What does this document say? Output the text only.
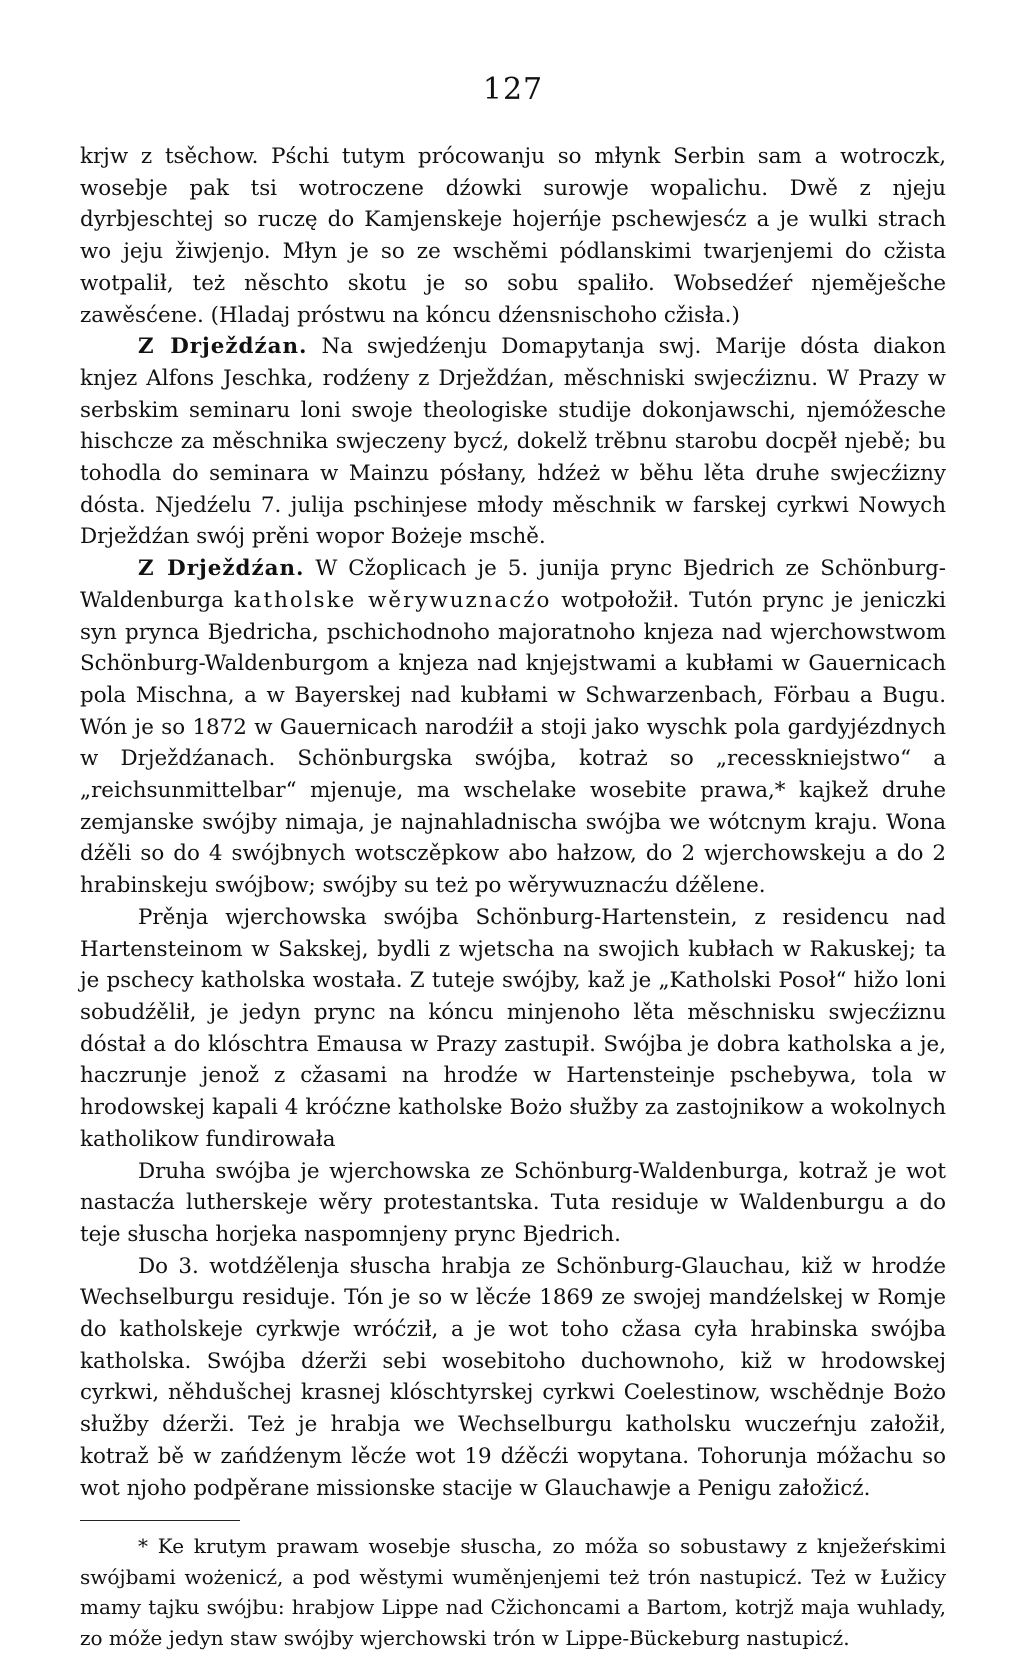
127

krjw z tsěchow. Pśchi tutym prócowanju so młynk Serbin sam a wotroczk, wosebje pak tsi wotroczene dźowki surowje wopalichu. Dwě z njeju dyrbjeschtej so ruczę do Kamjenskeje hojerńje pschewjesćz a je wulki strach wo jeju žiwjenjo. Młyn je so ze wschěmi pódlanskimi twarjenjemi do cžista wotpalił, też něschto skotu je so sobu spaliło. Wobsedźeŕ njeměješche zawěsćene. (Hladaj próstwu na kóncu dźensnischoho cžisła.)

Z Drježdźan. Na swjedźenju Domapytanja swj. Marije dósta diakon knjez Alfons Jeschka, rodźeny z Drježdźan, měschniski swjecźiznu. W Prazy w serbskim seminaru loni swoje theologiske studije dokonjawschi, njemóžesche hischcze za měschnika swjeczeny bycź, dokelž trěbnu starobu docpěł njebě; bu tohodla do seminara w Mainzu pósłany, hdźeż w běhu lěta druhe swjecźizny dósta. Njedźelu 7. julija pschinjese młody měschnik w farskej cyrkwi Nowych Drježdźan swój prěni wopor Bożeje mschě.

Z Drježdźan. W Cžoplicach je 5. junija prync Bjedrich ze Schönburg-Waldenburga katholske wěrywuznacźo wotpołožił. Tutón prync je jeniczki syn prynca Bjedricha, pschichodnoho majoratnoho knjeza nad wjerchowstwom Schönburg-Waldenburgom a knjeza nad knjejstwami a kubłami w Gauernicach pola Mischna, a w Bayerskej nad kubłami w Schwarzenbach, Förbau a Bugu. Wón je so 1872 w Gauernicach narodźił a stoji jako wyschk pola gardyjézdnych w Drježdźanach. Schönburgska swójba, kotraż so „recesskniejstwo“ a „reichsunmittelbar“ mjenuje, ma wschelake wosebite prawa,* kajkež druhe zemjanske swójby nimaja, je najnahladnischa swójba we wótcnym kraju. Wona dźěli so do 4 swójbnych wotsczěpkow abo hałzow, do 2 wjerchowskeju a do 2 hrabinskeju swójbow; swójby su też po wěrywuznacźu dźělene.

Prěnja wjerchowska swójba Schönburg-Hartenstein, z residencu nad Hartensteinom w Sakskej, bydli z wjetscha na swojich kubłach w Rakuskej; ta je pschecy katholska wostała. Z tuteje swójby, kaž je „Katholski Posoł“ hižo loni sobudźělił, je jedyn prync na kóncu minjenoho lěta měschnisku swjecźiznu dóstał a do klóschtra Emausa w Prazy zastupił. Swójba je dobra katholska a je, haczrunje jenož z cžasami na hrodźe w Hartensteinje pschebywa, tola w hrodowskej kapali 4 króćzne katholske Bożo słužby za zastojnikow a wokolnych katholikow fundirowała

Druha swójba je wjerchowska ze Schönburg-Waldenburga, kotraž je wot nastacźa lutherskeje wěry protestantska. Tuta residuje w Waldenburgu a do teje słuscha horjeka naspomnjeny prync Bjedrich.

Do 3. wotdźělenja słuscha hrabja ze Schönburg-Glauchau, kiž w hrodźe Wechselburgu residuje. Tón je so w lěcźe 1869 ze swojej mandźelskej w Romje do katholskeje cyrkwje wróćził, a je wot toho cžasa cyła hrabinska swójba katholska. Swójba dźerži sebi wosebitoho duchownoho, kiž w hrodowskej cyrkwi, něhdušchej krasnej klóschtyrskej cyrkwi Coelestinow, wschědnje Bożo słužby dźerži. Też je hrabja we Wechselburgu katholsku wuczeŕnju załožił, kotraž bě w zańdźenym lěcźe wot 19 dźěcźi wopytana. Tohorunja móžachu so wot njoho podpěrane missionske stacije w Glauchawje a Penigu załožicź.

* Ke krutym prawam wosebje słuscha, zo móža so sobustawy z knježeŕskimi swójbami wożenicź, a pod wěstymi wuměnjenjemi też trón nastupicź. Też w Łužicy mamy tajku swójbu: hrabjow Lippe nad Cžichoncami a Bartom, kotrjž maja wuhlady, zo móže jedyn staw swójby wjerchowski trón w Lippe-Bückeburg nastupicź.
